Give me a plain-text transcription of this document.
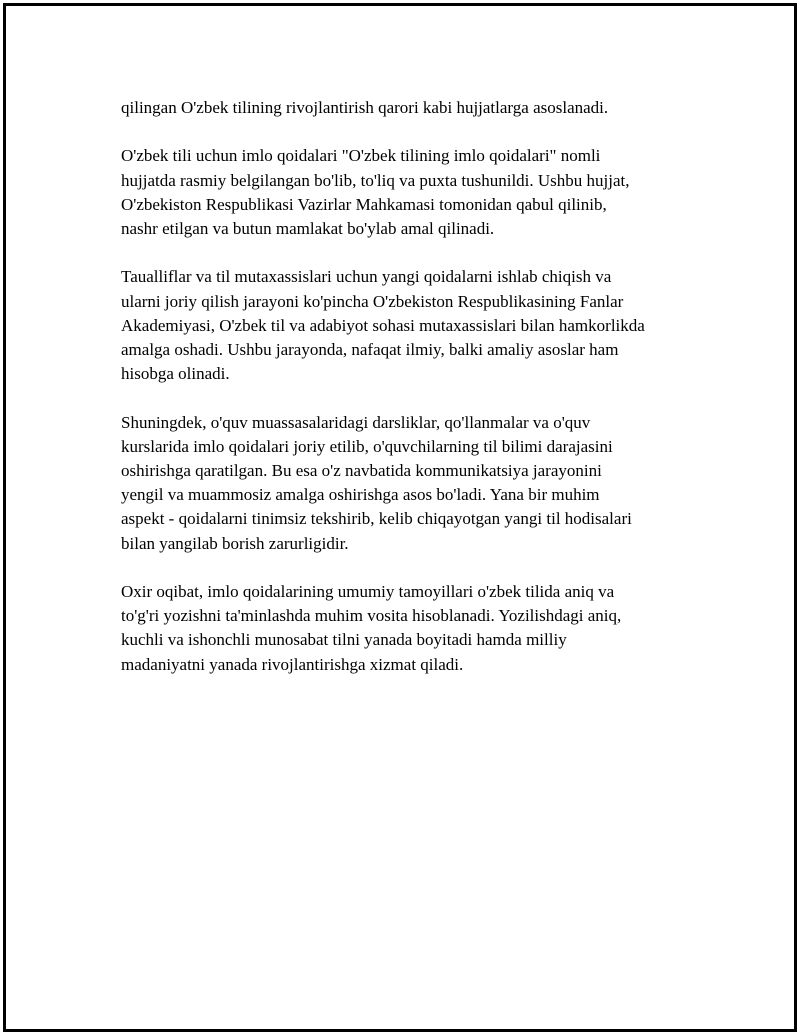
qilingan O'zbek tilining rivojlantirish qarori kabi hujjatlarga asoslanadi.

O'zbek tili uchun imlo qoidalari "O'zbek tilining imlo qoidalari" nomli
hujjatda rasmiy belgilangan bo'lib, to'liq va puxta tushunildi. Ushbu hujjat,
O'zbekiston Respublikasi Vazirlar Mahkamasi tomonidan qabul qilinib,
nashr etilgan va butun mamlakat bo'ylab amal qilinadi.

Taualliflar va til mutaxassislari uchun yangi qoidalarni ishlab chiqish va
ularni joriy qilish jarayoni ko'pincha O'zbekiston Respublikasining Fanlar
Akademiyasi, O'zbek til va adabiyot sohasi mutaxassislari bilan hamkorlikda
amalga oshadi. Ushbu jarayonda, nafaqat ilmiy, balki amaliy asoslar ham
hisobga olinadi.

Shuningdek, o'quv muassasalaridagi darsliklar, qo'llanmalar va o'quv
kurslarida imlo qoidalari joriy etilib, o'quvchilarning til bilimi darajasini
oshirishga qaratilgan. Bu esa o'z navbatida kommunikatsiya jarayonini
yengil va muammosiz amalga oshirishga asos bo'ladi. Yana bir muhim
aspekt - qoidalarni tinimsiz tekshirib, kelib chiqayotgan yangi til hodisalari
bilan yangilab borish zarurligidir.

Oxir oqibat, imlo qoidalarining umumiy tamoyillari o'zbek tilida aniq va
to'g'ri yozishni ta'minlashda muhim vosita hisoblanadi. Yozilishdagi aniq,
kuchli va ishonchli munosabat tilni yanada boyitadi hamda milliy
madaniyatni yanada rivojlantirishga xizmat qiladi.
